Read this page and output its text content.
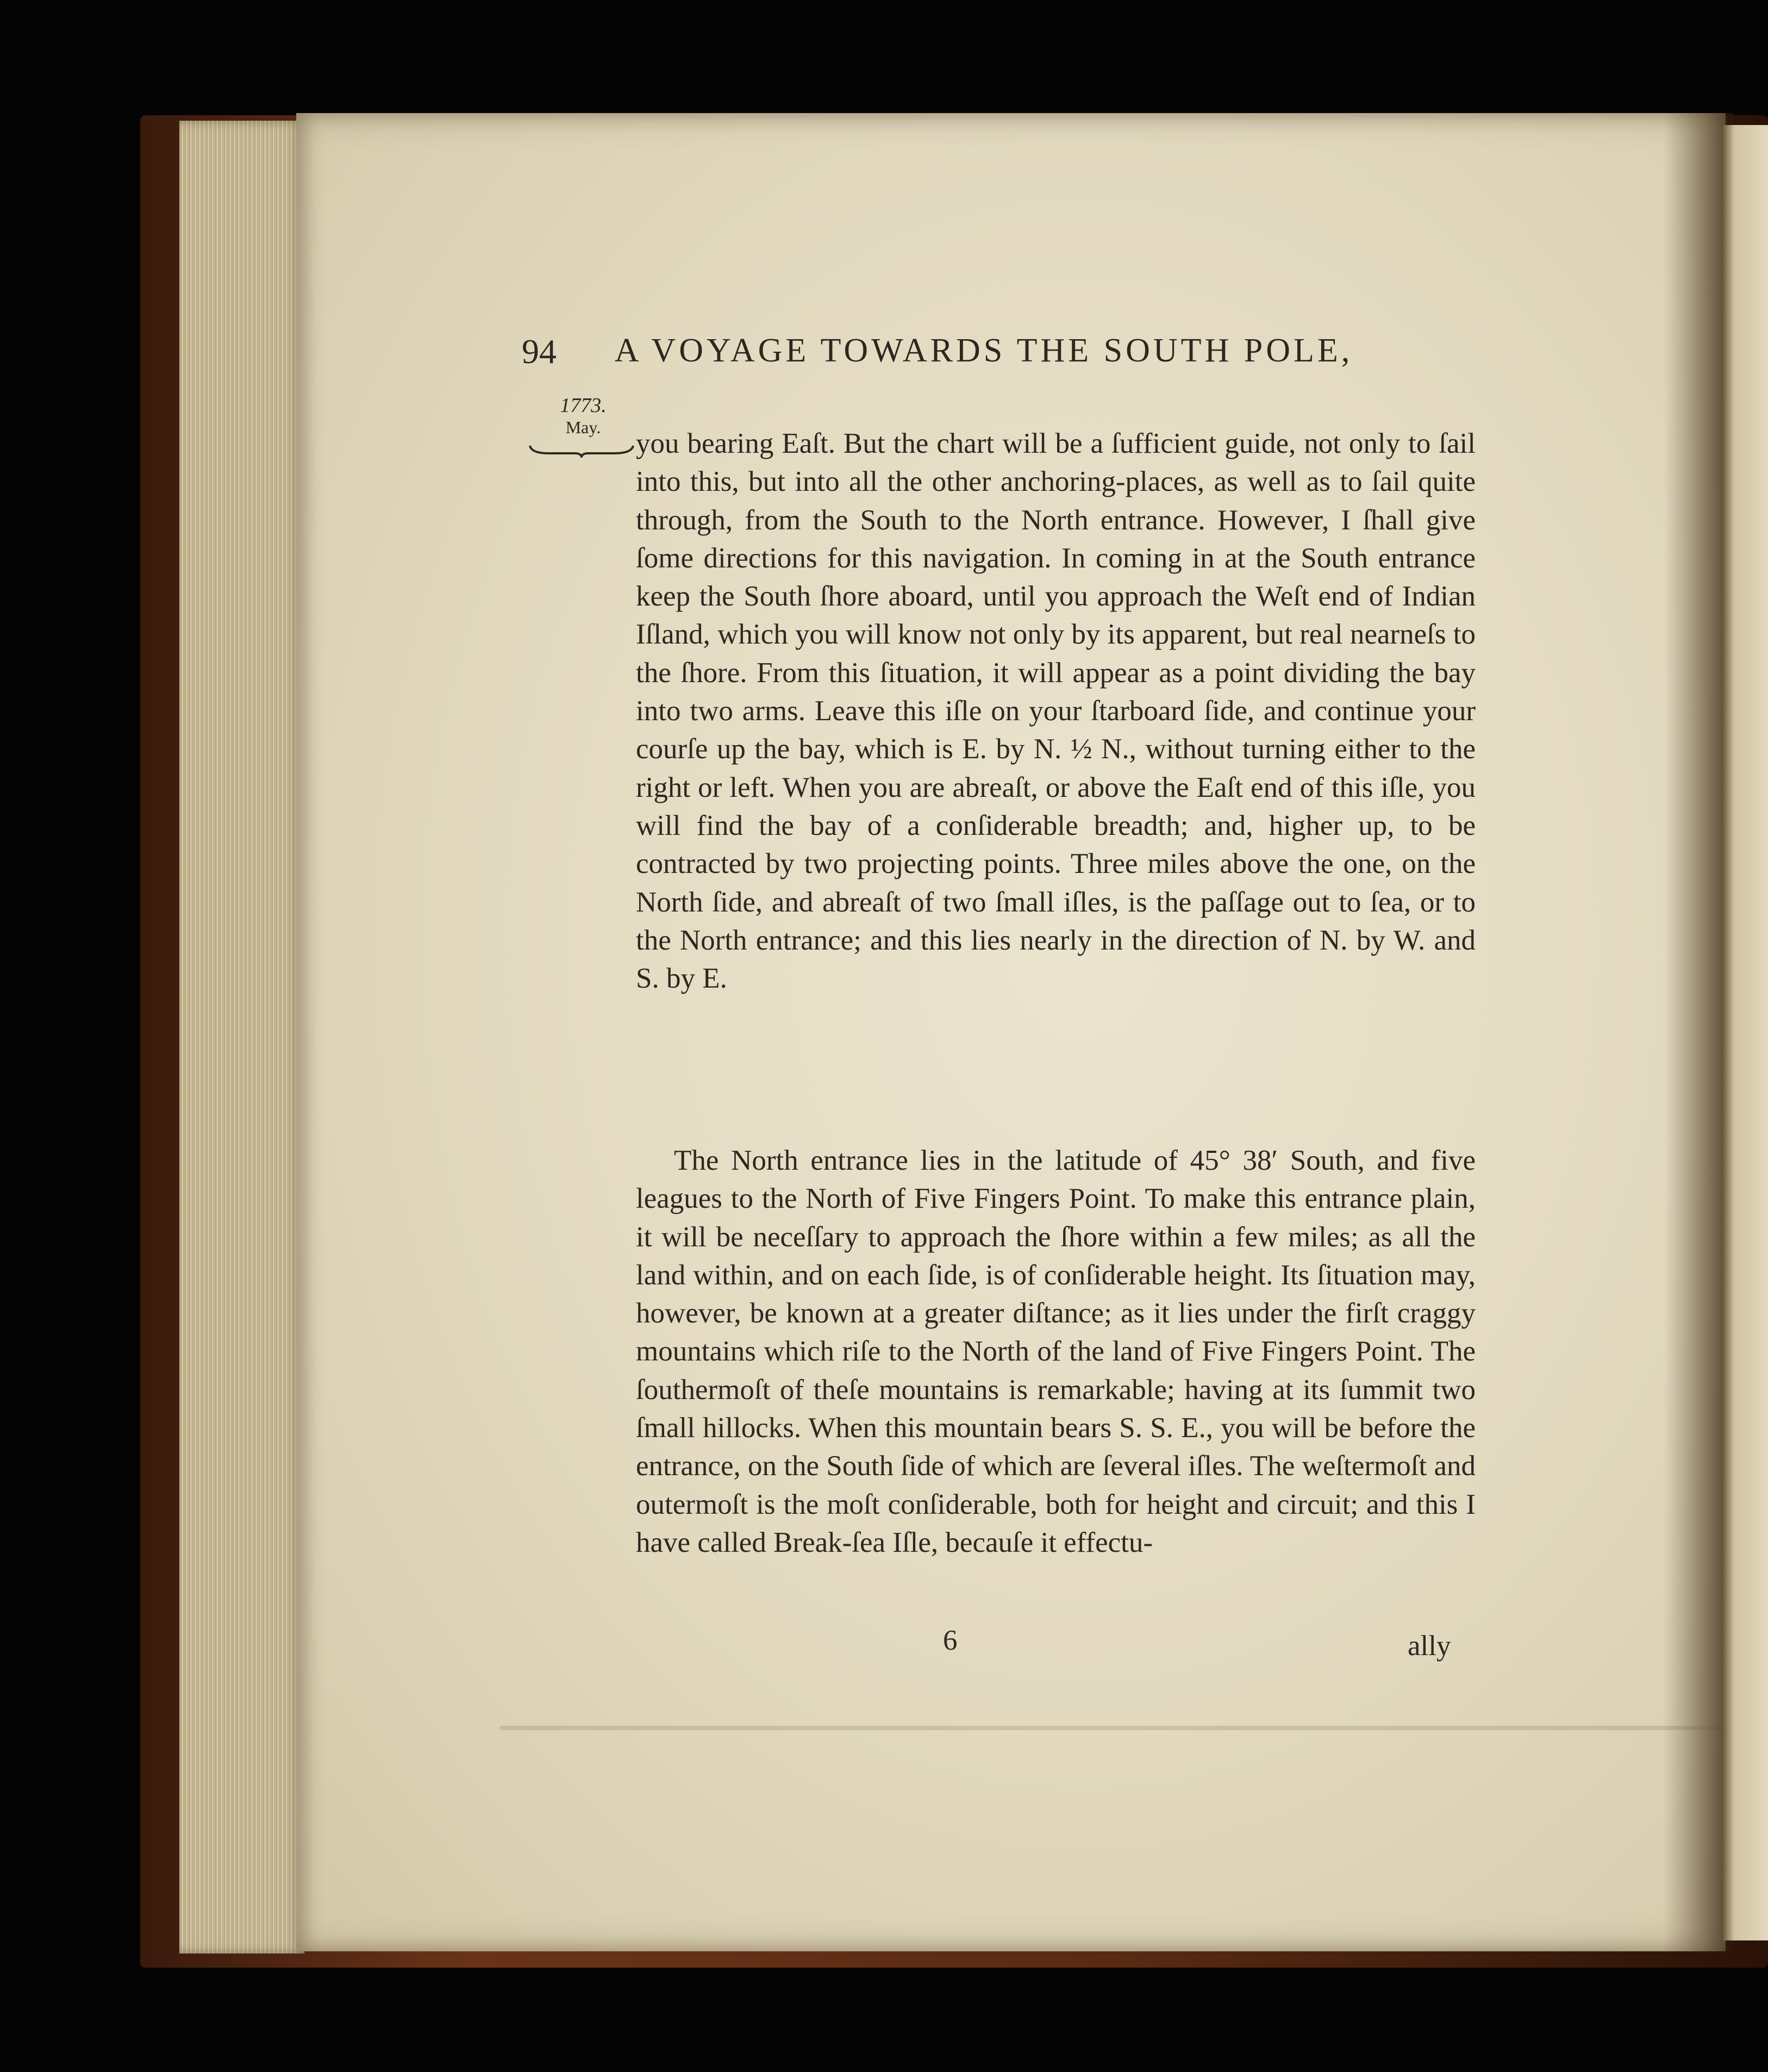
94	A VOYAGE TOWARDS THE SOUTH POLE,
1773.
May.

you bearing Eaſt. But the chart will be a ſufficient guide, not only to ſail into this, but into all the other anchoring-places, as well as to ſail quite through, from the South to the North entrance. However, I ſhall give ſome directions for this navigation. In coming in at the South entrance keep the South ſhore aboard, until you approach the Weſt end of Indian Iſland, which you will know not only by its apparent, but real nearneſs to the ſhore. From this ſituation, it will appear as a point dividing the bay into two arms. Leave this iſle on your ſtarboard ſide, and continue your courſe up the bay, which is E. by N. ½ N., without turning either to the right or left. When you are abreaſt, or above the Eaſt end of this iſle, you will find the bay of a conſiderable breadth; and, higher up, to be contracted by two projecting points. Three miles above the one, on the North ſide, and abreaſt of two ſmall iſles, is the paſſage out to ſea, or to the North entrance; and this lies nearly in the direction of N. by W. and S. by E.

The North entrance lies in the latitude of 45° 38′ South, and five leagues to the North of Five Fingers Point. To make this entrance plain, it will be neceſſary to approach the ſhore within a few miles; as all the land within, and on each ſide, is of conſiderable height. Its ſituation may, however, be known at a greater diſtance; as it lies under the firſt craggy mountains which riſe to the North of the land of Five Fingers Point. The ſouthermoſt of theſe mountains is remarkable; having at its ſummit two ſmall hillocks. When this mountain bears S. S. E., you will be before the entrance, on the South ſide of which are ſeveral iſles. The weſtermoſt and outermoſt is the moſt conſiderable, both for height and circuit; and this I have called Break-ſea Iſle, becauſe it effectu-

6	ally
